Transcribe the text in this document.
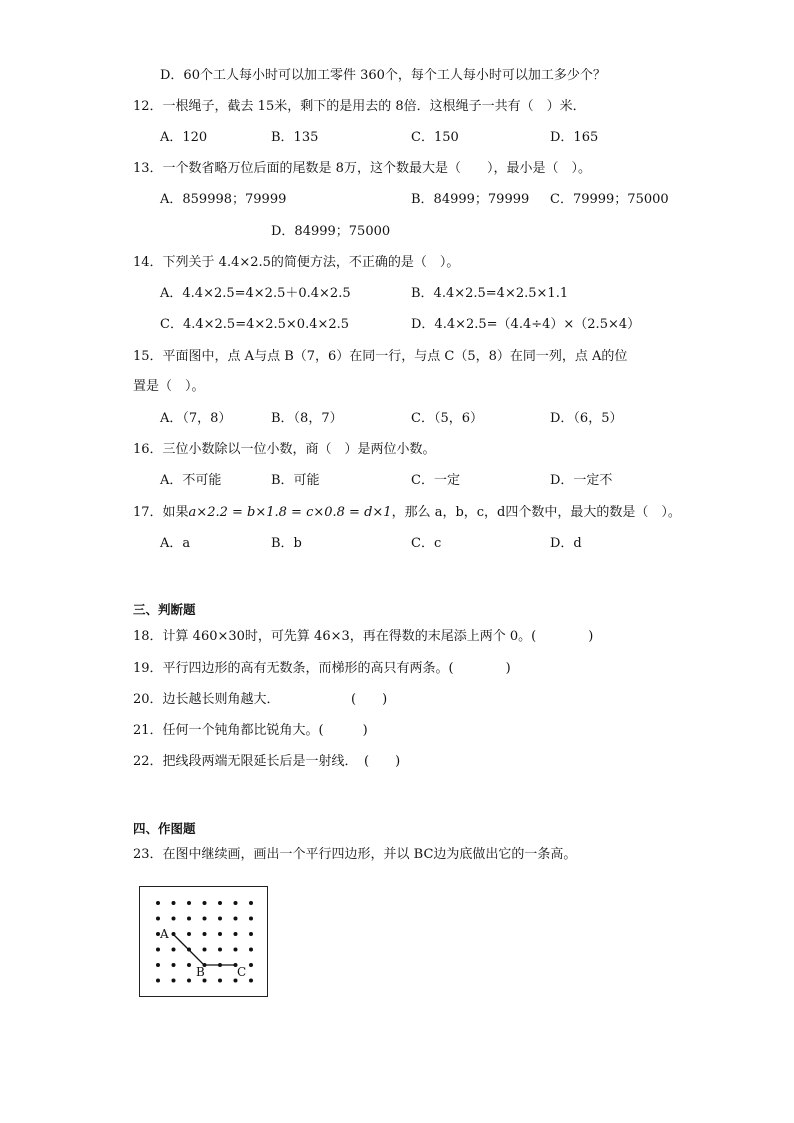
D．60个工人每小时可以加工零件 360个，每个工人每小时可以加工多少个？
12．一根绳子，截去 15米，剩下的是用去的 8倍．这根绳子一共有（　）米．
A．120	B．135	C．150	D．165
13．一个数省略万位后面的尾数是 8万，这个数最大是（　　），最小是（　）。
A．859998；79999	B．84999；79999 C．79999；75000
D．84999；75000
14．下列关于 4.4×2.5的简便方法，不正确的是（　）。
A．4.4×2.5=4×2.5＋0.4×2.5	B．4.4×2.5=4×2.5×1.1
C．4.4×2.5=4×2.5×0.4×2.5	D．4.4×2.5=（4.4÷4）×（2.5×4）
15．平面图中，点 A与点 B（7，6）在同一行，与点 C（5，8）在同一列，点 A的位
置是（　）。
A．（7，8）	B．（8，7）	C．（5，6）	D．（6，5）
16．三位小数除以一位小数，商（　）是两位小数。
A．不可能	B．可能	C．一定	D．一定不
17．如果a×2.2 = b×1.8 = c×0.8 = d×1，那么 a，b，c，d四个数中，最大的数是（　）。
A．a	B．b	C．c	D．d
三、判断题
18．计算 460×30时，可先算 46×3，再在得数的末尾添上两个 0。(　　　　)
19．平行四边形的高有无数条，而梯形的高只有两条。(　　　　)
20．边长越长则角越大．　　　　　　(　　)
21．任何一个钝角都比锐角大。(　　　)
22．把线段两端无限延长后是一射线．　(　　)
四、作图题
23．在图中继续画，画出一个平行四边形，并以 BC边为底做出它的一条高。
A
B	C
